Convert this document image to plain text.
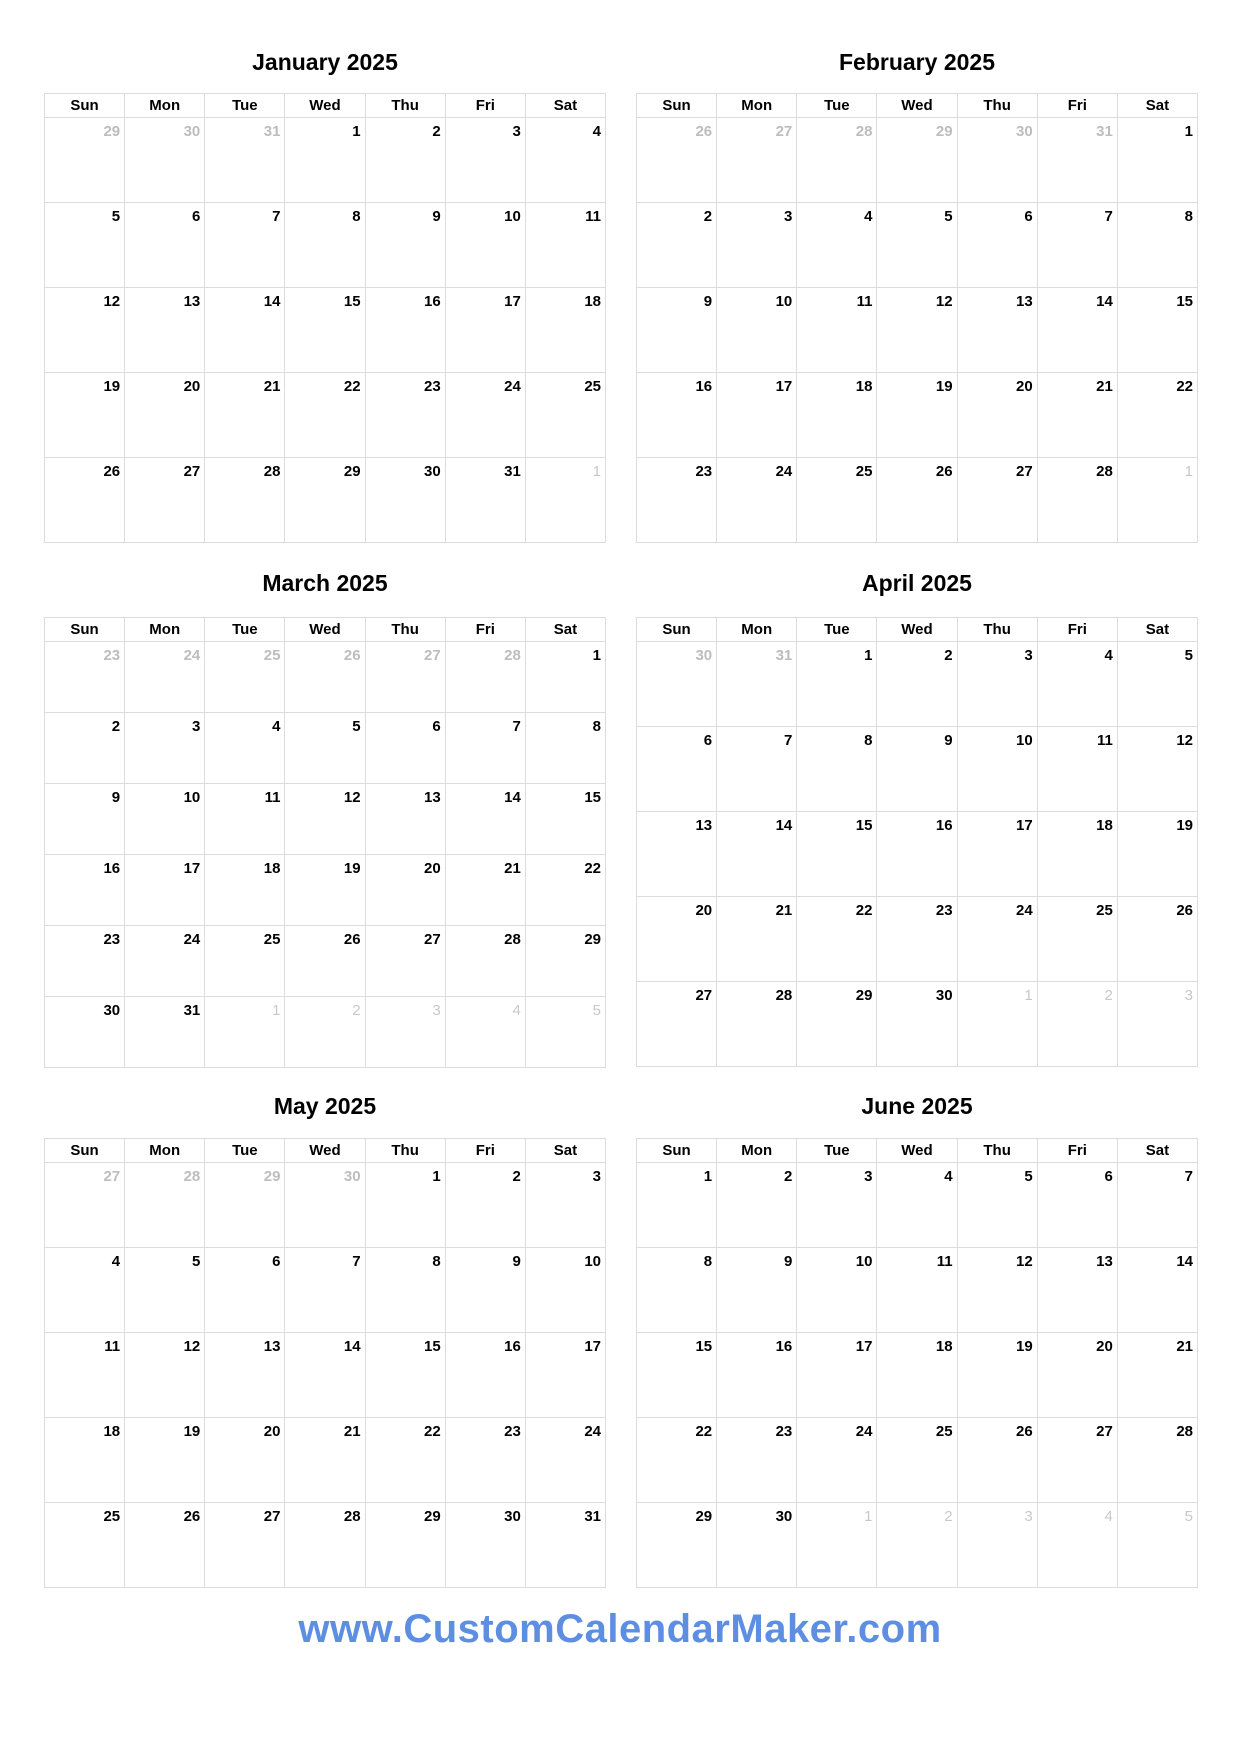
January 2025
Sun	Mon	Tue	Wed	Thu	Fri	Sat

29	30	31	1	2	3	4

5	6	7	8	9	10	11

12	13	14	15	16	17	18

19	20	21	22	23	24	25

26	27	28	29	30	31	1
February 2025
Sun	Mon	Tue	Wed	Thu	Fri	Sat

26	27	28	29	30	31	1

2	3	4	5	6	7	8

9	10	11	12	13	14	15

16	17	18	19	20	21	22

23	24	25	26	27	28	1
March 2025
Sun	Mon	Tue	Wed	Thu	Fri	Sat

23	24	25	26	27	28	1

2	3	4	5	6	7	8

9	10	11	12	13	14	15

16	17	18	19	20	21	22

23	24	25	26	27	28	29

30	31	1	2	3	4	5
April 2025
Sun	Mon	Tue	Wed	Thu	Fri	Sat

30	31	1	2	3	4	5

6	7	8	9	10	11	12

13	14	15	16	17	18	19

20	21	22	23	24	25	26

27	28	29	30	1	2	3
May 2025
Sun	Mon	Tue	Wed	Thu	Fri	Sat

27	28	29	30	1	2	3

4	5	6	7	8	9	10

11	12	13	14	15	16	17

18	19	20	21	22	23	24

25	26	27	28	29	30	31
June 2025
Sun	Mon	Tue	Wed	Thu	Fri	Sat

1	2	3	4	5	6	7

8	9	10	11	12	13	14

15	16	17	18	19	20	21

22	23	24	25	26	27	28

29	30	1	2	3	4	5
www.CustomCalendarMaker.com
